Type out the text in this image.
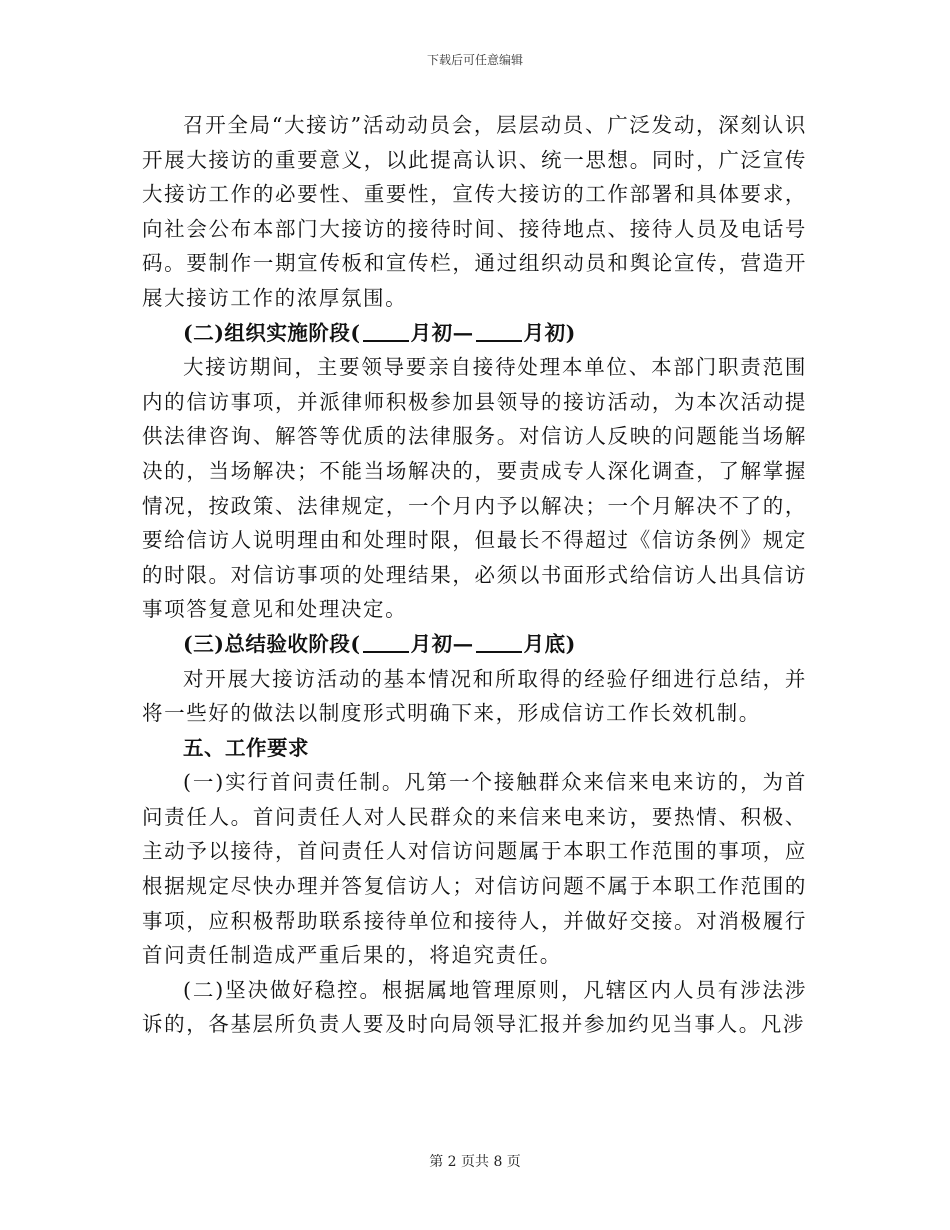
下载后可任意编辑

召开全局“大接访”活动动员会，层层动员、广泛发动，深刻认识开展大接访的重要意义，以此提高认识、统一思想。同时，广泛宣传大接访工作的必要性、重要性，宣传大接访的工作部署和具体要求，向社会公布本部门大接访的接待时间、接待地点、接待人员及电话号码。要制作一期宣传板和宣传栏，通过组织动员和舆论宣传，营造开展大接访工作的浓厚氛围。

(二)组织实施阶段( 月初— 月初)

大接访期间，主要领导要亲自接待处理本单位、本部门职责范围内的信访事项，并派律师积极参加县领导的接访活动，为本次活动提供法律咨询、解答等优质的法律服务。对信访人反映的问题能当场解决的，当场解决；不能当场解决的，要责成专人深化调查，了解掌握情况，按政策、法律规定，一个月内予以解决；一个月解决不了的，要给信访人说明理由和处理时限，但最长不得超过《信访条例》规定的时限。对信访事项的处理结果，必须以书面形式给信访人出具信访事项答复意见和处理决定。

(三)总结验收阶段( 月初— 月底)

对开展大接访活动的基本情况和所取得的经验仔细进行总结，并将一些好的做法以制度形式明确下来，形成信访工作长效机制。

五、工作要求

(一)实行首问责任制。凡第一个接触群众来信来电来访的，为首问责任人。首问责任人对人民群众的来信来电来访，要热情、积极、主动予以接待，首问责任人对信访问题属于本职工作范围的事项，应根据规定尽快办理并答复信访人；对信访问题不属于本职工作范围的事项，应积极帮助联系接待单位和接待人，并做好交接。对消极履行首问责任制造成严重后果的，将追究责任。

(二)坚决做好稳控。根据属地管理原则，凡辖区内人员有涉法涉诉的，各基层所负责人要及时向局领导汇报并参加约见当事人。凡涉

第 2 页共 8 页
